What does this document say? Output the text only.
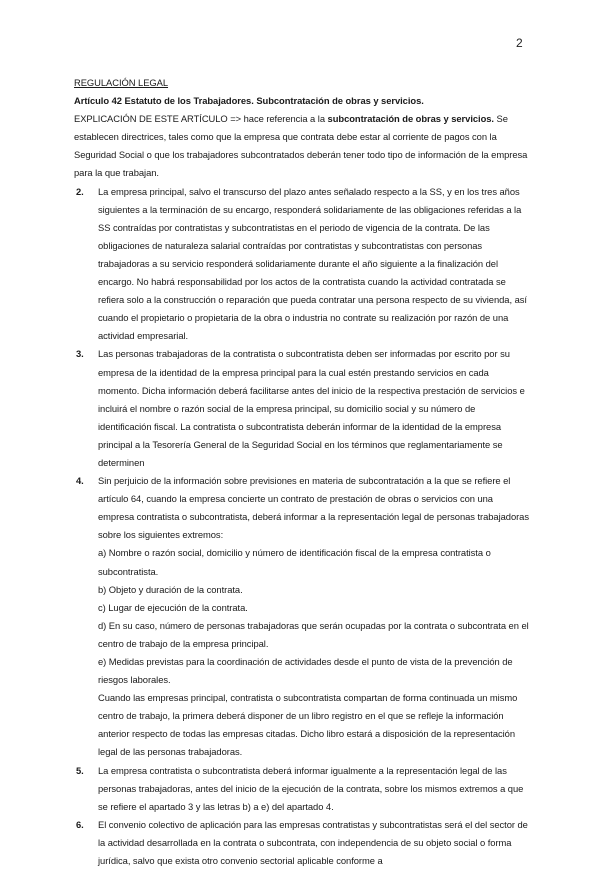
2
REGULACIÓN LEGAL
Artículo 42 Estatuto de los Trabajadores. Subcontratación de obras y servicios.
EXPLICACIÓN DE ESTE ARTÍCULO => hace referencia a la subcontratación de obras y servicios. Se establecen directrices, tales como que la empresa que contrata debe estar al corriente de pagos con la Seguridad Social o que los trabajadores subcontratados deberán tener todo tipo de información de la empresa para la que trabajan.
2. La empresa principal, salvo el transcurso del plazo antes señalado respecto a la SS, y en los tres años siguientes a la terminación de su encargo, responderá solidariamente de las obligaciones referidas a la SS contraídas por contratistas y subcontratistas en el periodo de vigencia de la contrata. De las obligaciones de naturaleza salarial contraídas por contratistas y subcontratistas con personas trabajadoras a su servicio responderá solidariamente durante el año siguiente a la finalización del encargo. No habrá responsabilidad por los actos de la contratista cuando la actividad contratada se refiera solo a la construcción o reparación que pueda contratar una persona respecto de su vivienda, así cuando el propietario o propietaria de la obra o industria no contrate su realización por razón de una actividad empresarial.
3. Las personas trabajadoras de la contratista o subcontratista deben ser informadas por escrito por su empresa de la identidad de la empresa principal para la cual estén prestando servicios en cada momento. Dicha información deberá facilitarse antes del inicio de la respectiva prestación de servicios e incluirá el nombre o razón social de la empresa principal, su domicilio social y su número de identificación fiscal. La contratista o subcontratista deberán informar de la identidad de la empresa principal a la Tesorería General de la Seguridad Social en los términos que reglamentariamente se determinen
4. Sin perjuicio de la información sobre previsiones en materia de subcontratación a la que se refiere el artículo 64, cuando la empresa concierte un contrato de prestación de obras o servicios con una empresa contratista o subcontratista, deberá informar a la representación legal de personas trabajadoras sobre los siguientes extremos:
a) Nombre o razón social, domicilio y número de identificación fiscal de la empresa contratista o subcontratista.
b) Objeto y duración de la contrata.
c) Lugar de ejecución de la contrata.
d) En su caso, número de personas trabajadoras que serán ocupadas por la contrata o subcontrata en el centro de trabajo de la empresa principal.
e) Medidas previstas para la coordinación de actividades desde el punto de vista de la prevención de riesgos laborales.
Cuando las empresas principal, contratista o subcontratista compartan de forma continuada un mismo centro de trabajo, la primera deberá disponer de un libro registro en el que se refleje la información anterior respecto de todas las empresas citadas. Dicho libro estará a disposición de la representación legal de las personas trabajadoras.
5. La empresa contratista o subcontratista deberá informar igualmente a la representación legal de las personas trabajadoras, antes del inicio de la ejecución de la contrata, sobre los mismos extremos a que se refiere el apartado 3 y las letras b) a e) del apartado 4.
6. El convenio colectivo de aplicación para las empresas contratistas y subcontratistas será el del sector de la actividad desarrollada en la contrata o subcontrata, con independencia de su objeto social o forma jurídica, salvo que exista otro convenio sectorial aplicable conforme a
